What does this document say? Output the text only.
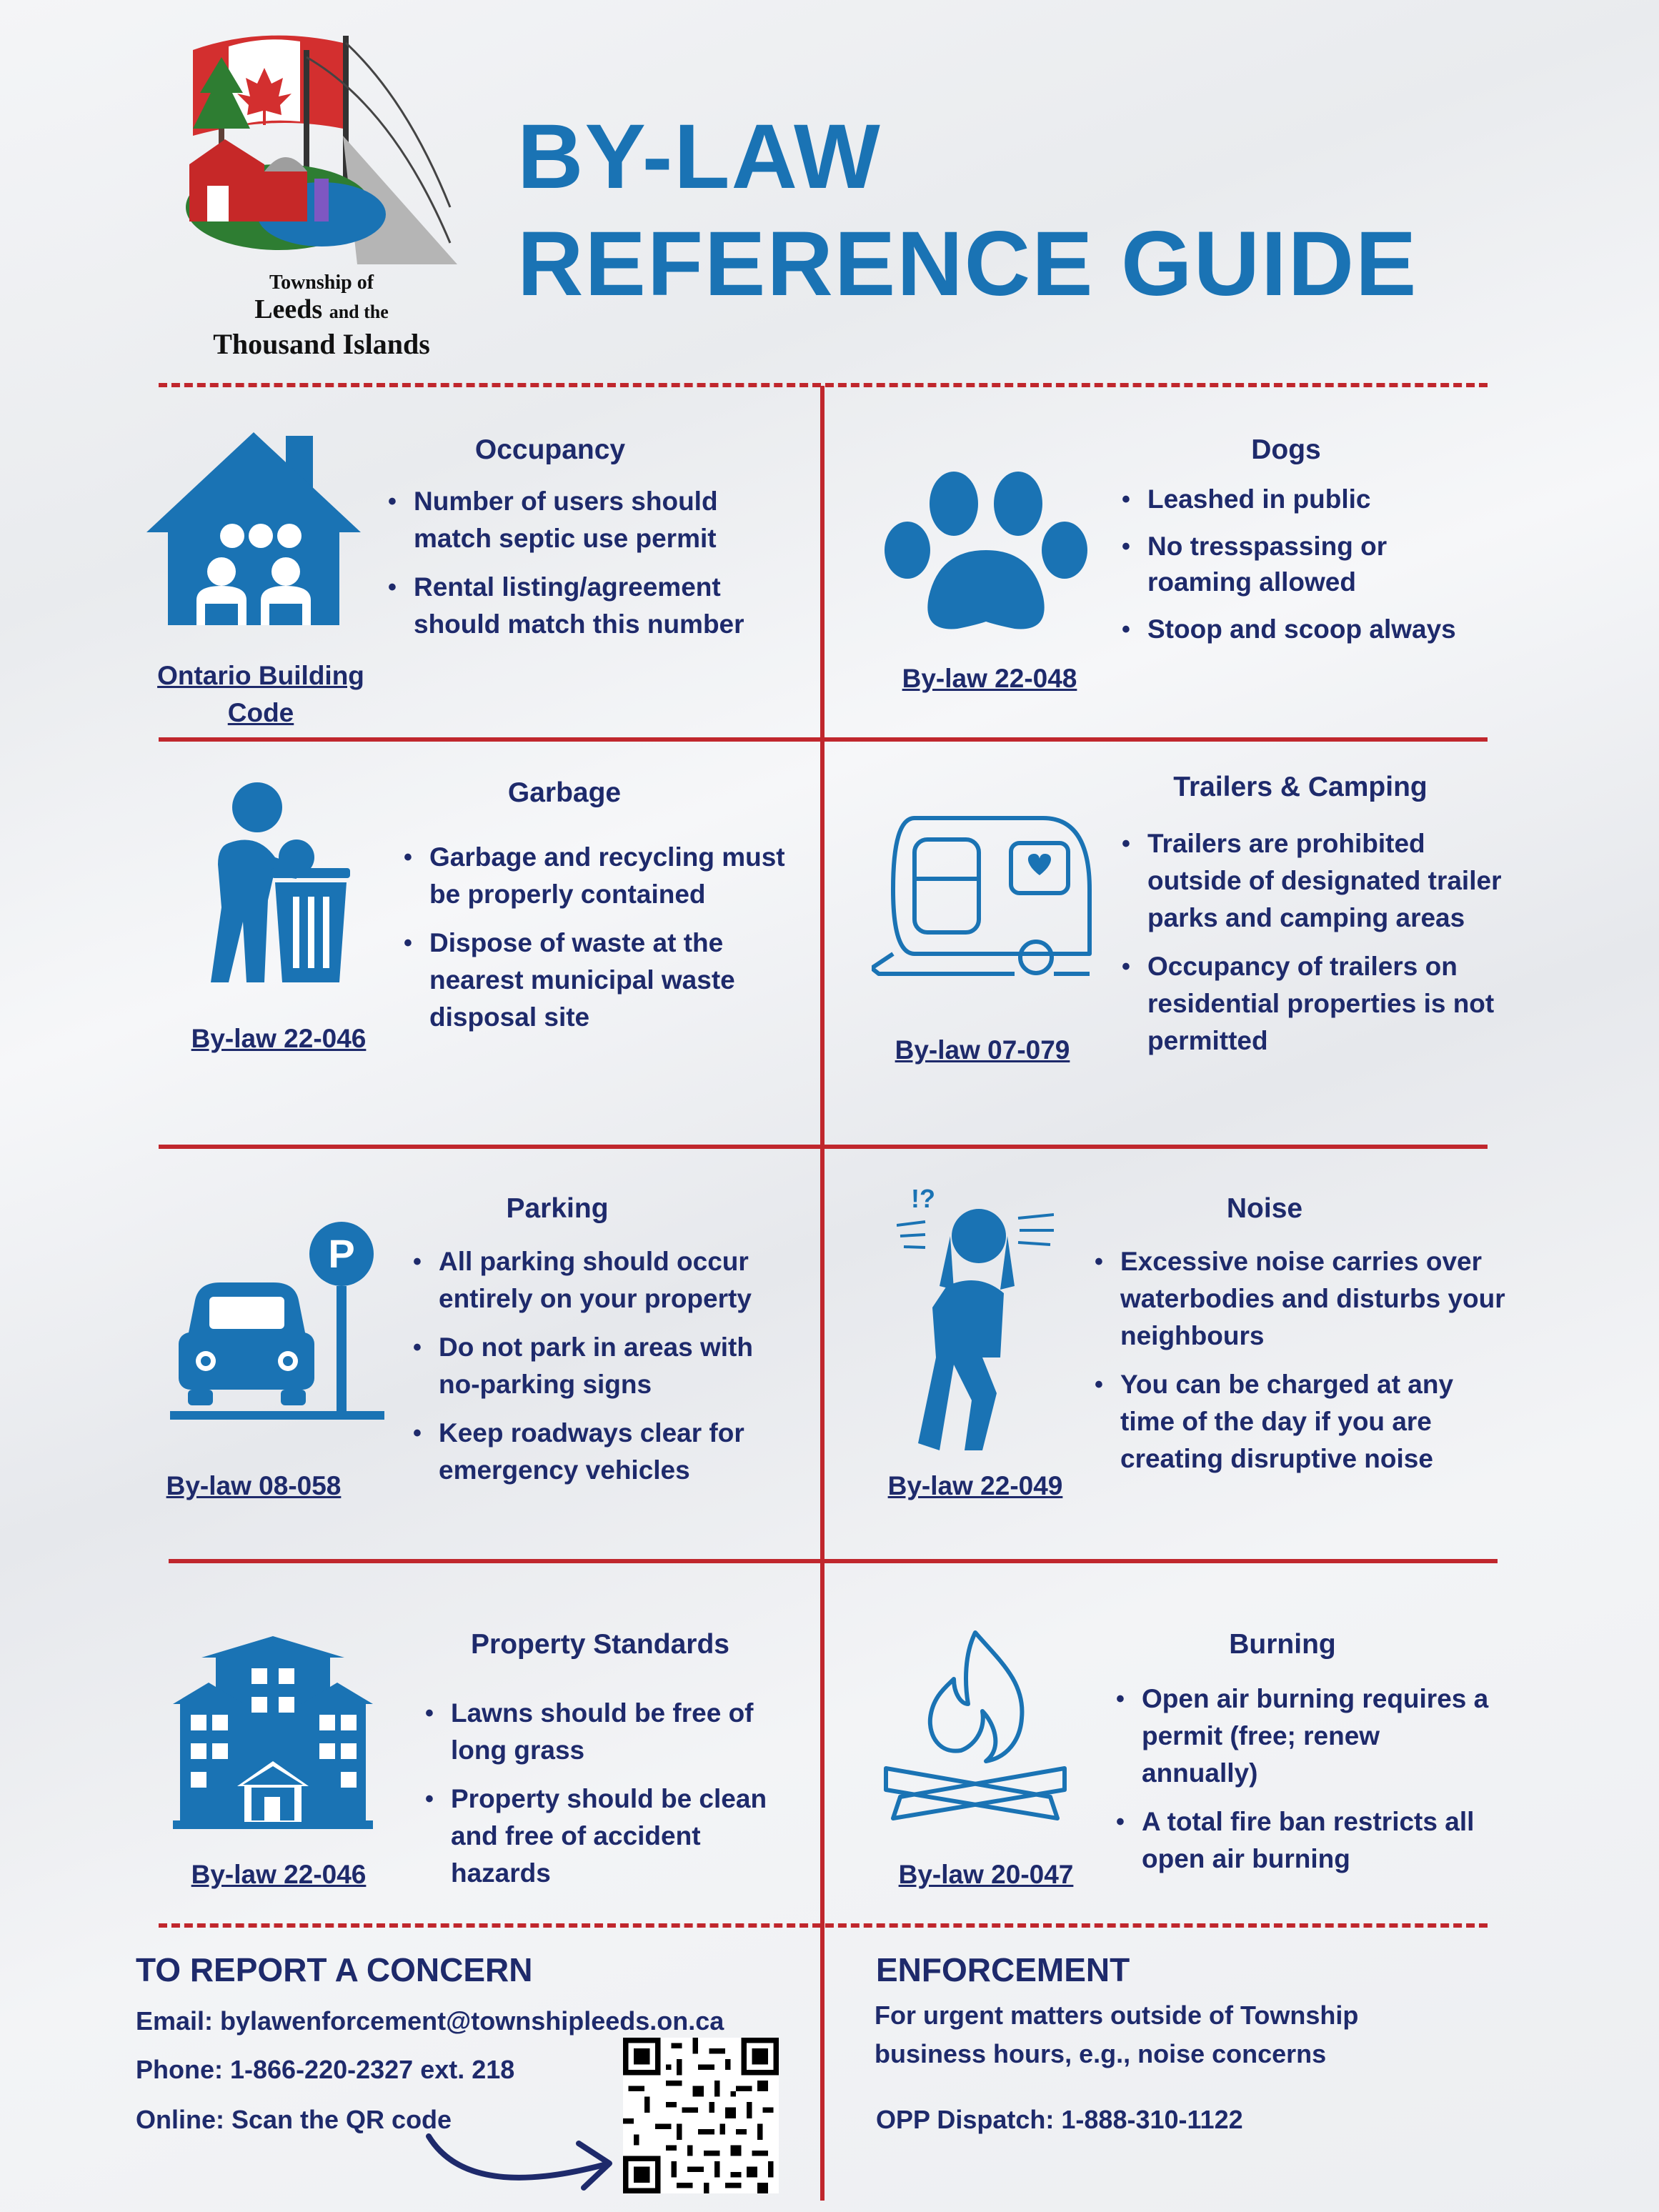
Township of
Leeds and the
Thousand Islands
BY-LAW
REFERENCE GUIDE
Occupancy
• Number of users should match septic use permit
• Rental listing/agreement should match this number
Ontario Building Code
Dogs
• Leashed in public
• No tresspassing or roaming allowed
• Stoop and scoop always
By-law 22-048
Garbage
• Garbage and recycling must be properly contained
• Dispose of waste at the nearest municipal waste disposal site
By-law 22-046
Trailers & Camping
• Trailers are prohibited outside of designated trailer parks and camping areas
• Occupancy of trailers on residential properties is not permitted
By-law 07-079
P
Parking
• All parking should occur entirely on your property
• Do not park in areas with no-parking signs
• Keep roadways clear for emergency vehicles
By-law 08-058
!?	Noise
• Excessive noise carries over waterbodies and disturbs your neighbours
• You can be charged at any time of the day if you are creating disruptive noise
By-law 22-049
Property Standards
• Lawns should be free of long grass
• Property should be clean and free of accident hazards
By-law 22-046
Burning
• Open air burning requires a permit (free; renew annually)
• A total fire ban restricts all open air burning
By-law 20-047
TO REPORT A CONCERN
Email: bylawenforcement@townshipleeds.on.ca
Phone: 1-866-220-2327 ext. 218
Online: Scan the QR code
ENFORCEMENT
For urgent matters outside of Township
business hours, e.g., noise concerns
OPP Dispatch: 1-888-310-1122
